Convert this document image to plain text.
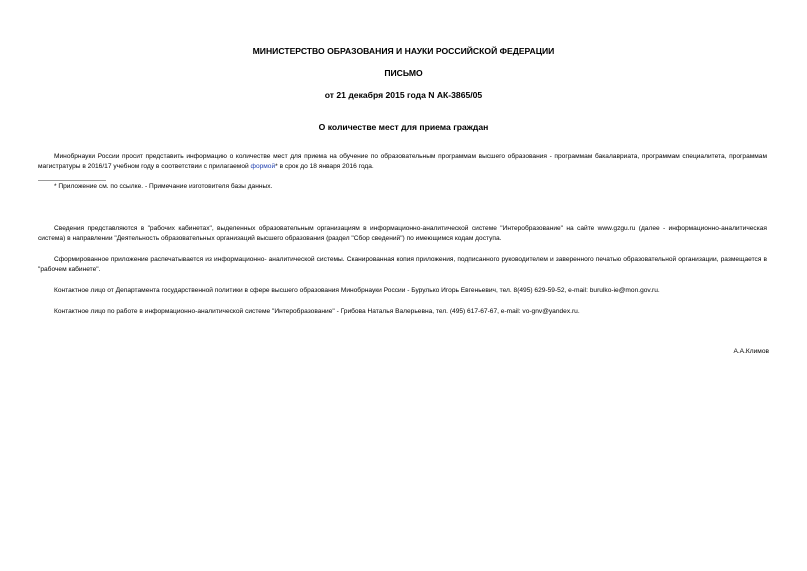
МИНИСТЕРСТВО ОБРАЗОВАНИЯ И НАУКИ РОССИЙСКОЙ ФЕДЕРАЦИИ
ПИСЬМО
от 21 декабря 2015 года N АК-3865/05
О количестве мест для приема граждан

Минобрнауки России просит представить информацию о количестве мест для приема на обучение по образовательным программам высшего образования - программам бакалавриата, программам специалитета, программам магистратуры в 2016/17 учебном году в соответствии с прилагаемой формой* в срок до 18 января 2016 года.

* Приложение см. по ссылке. - Примечание изготовителя базы данных.

Сведения представляются в "рабочих кабинетах", выделенных образовательным организациям в информационно-аналитической системе "Интеробразование" на сайте www.gzgu.ru (далее - информационно-аналитическая система) в направлении "Деятельность образовательных организаций высшего образования (раздел "Сбор сведений") по имеющимся кодам доступа.

Сформированное приложение распечатывается из информационно- аналитической системы. Сканированная копия приложения, подписанного руководителем и заверенного печатью образовательной организации, размещается в "рабочем кабинете".

Контактное лицо от Департамента государственной политики в сфере высшего образования Минобрнауки России - Бурулько Игорь Евгеньевич, тел. 8(495) 629-59-52, e-mail: burulko-ie@mon.gov.ru.

Контактное лицо по работе в информационно-аналитической системе "Интеробразование" - Грибова Наталья Валерьевна, тел. (495) 617-67-67, e-mail: vo-gnv@yandex.ru.

А.А.Климов
